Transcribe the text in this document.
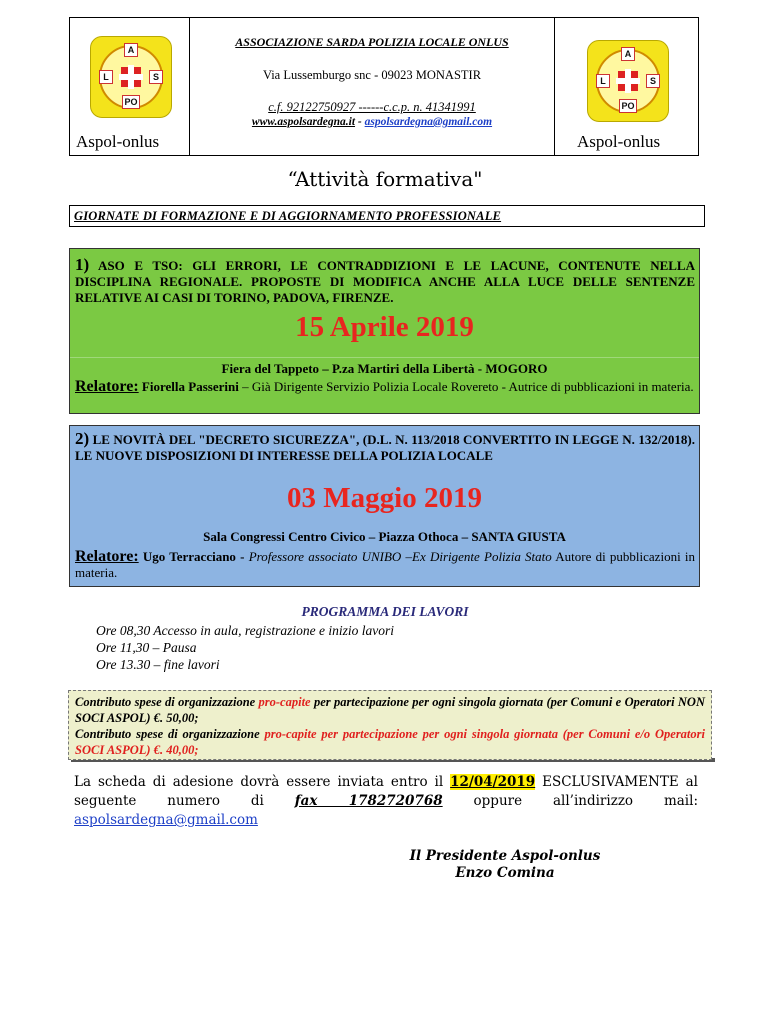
A
L	S
PO
Aspol-onlus
ASSOCIAZIONE SARDA POLIZIA LOCALE ONLUS
Via Lussemburgo snc - 09023 MONASTIR
c.f. 92122750927 ------c.c.p. n. 41341991
www.aspolsardegna.it - aspolsardegna@gmail.com
A
L	S
PO
Aspol-onlus
“Attività formativa"
GIORNATE DI FORMAZIONE E DI AGGIORNAMENTO PROFESSIONALE
1) ASO E TSO: GLI ERRORI, LE CONTRADDIZIONI E LE LACUNE, CONTENUTE NELLA DISCIPLINA REGIONALE. PROPOSTE DI MODIFICA ANCHE ALLA LUCE DELLE SENTENZE RELATIVE AI CASI DI TORINO, PADOVA, FIRENZE.
15 Aprile 2019
Fiera del Tappeto – P.za Martiri della Libertà - MOGORO
Relatore: Fiorella Passerini – Già Dirigente Servizio Polizia Locale Rovereto - Autrice di pubblicazioni in materia.
2) LE NOVITÀ DEL "DECRETO SICUREZZA", (D.L. N. 113/2018 CONVERTITO IN LEGGE N. 132/2018). LE NUOVE DISPOSIZIONI DI INTERESSE DELLA POLIZIA LOCALE
03 Maggio 2019
Sala Congressi Centro Civico – Piazza Othoca – SANTA GIUSTA
Relatore: Ugo Terracciano - Professore associato UNIBO –Ex Dirigente Polizia Stato Autore di pubblicazioni in materia.
PROGRAMMA DEI LAVORI
Ore 08,30 Accesso in aula, registrazione e inizio lavori
Ore 11,30 – Pausa
Ore 13.30 – fine lavori
Contributo spese di organizzazione pro-capite per partecipazione per ogni singola giornata (per Comuni e Operatori NON SOCI ASPOL) €. 50,00;
Contributo spese di organizzazione pro-capite per partecipazione per ogni singola giornata (per Comuni e/o Operatori SOCI ASPOL) €. 40,00;
La scheda di adesione dovrà essere inviata entro il 12/04/2019 ESCLUSIVAMENTE al seguente numero di fax 1782720768 oppure all’indirizzo mail: aspolsardegna@gmail.com
Il Presidente Aspol-onlus
Enzo Comina
